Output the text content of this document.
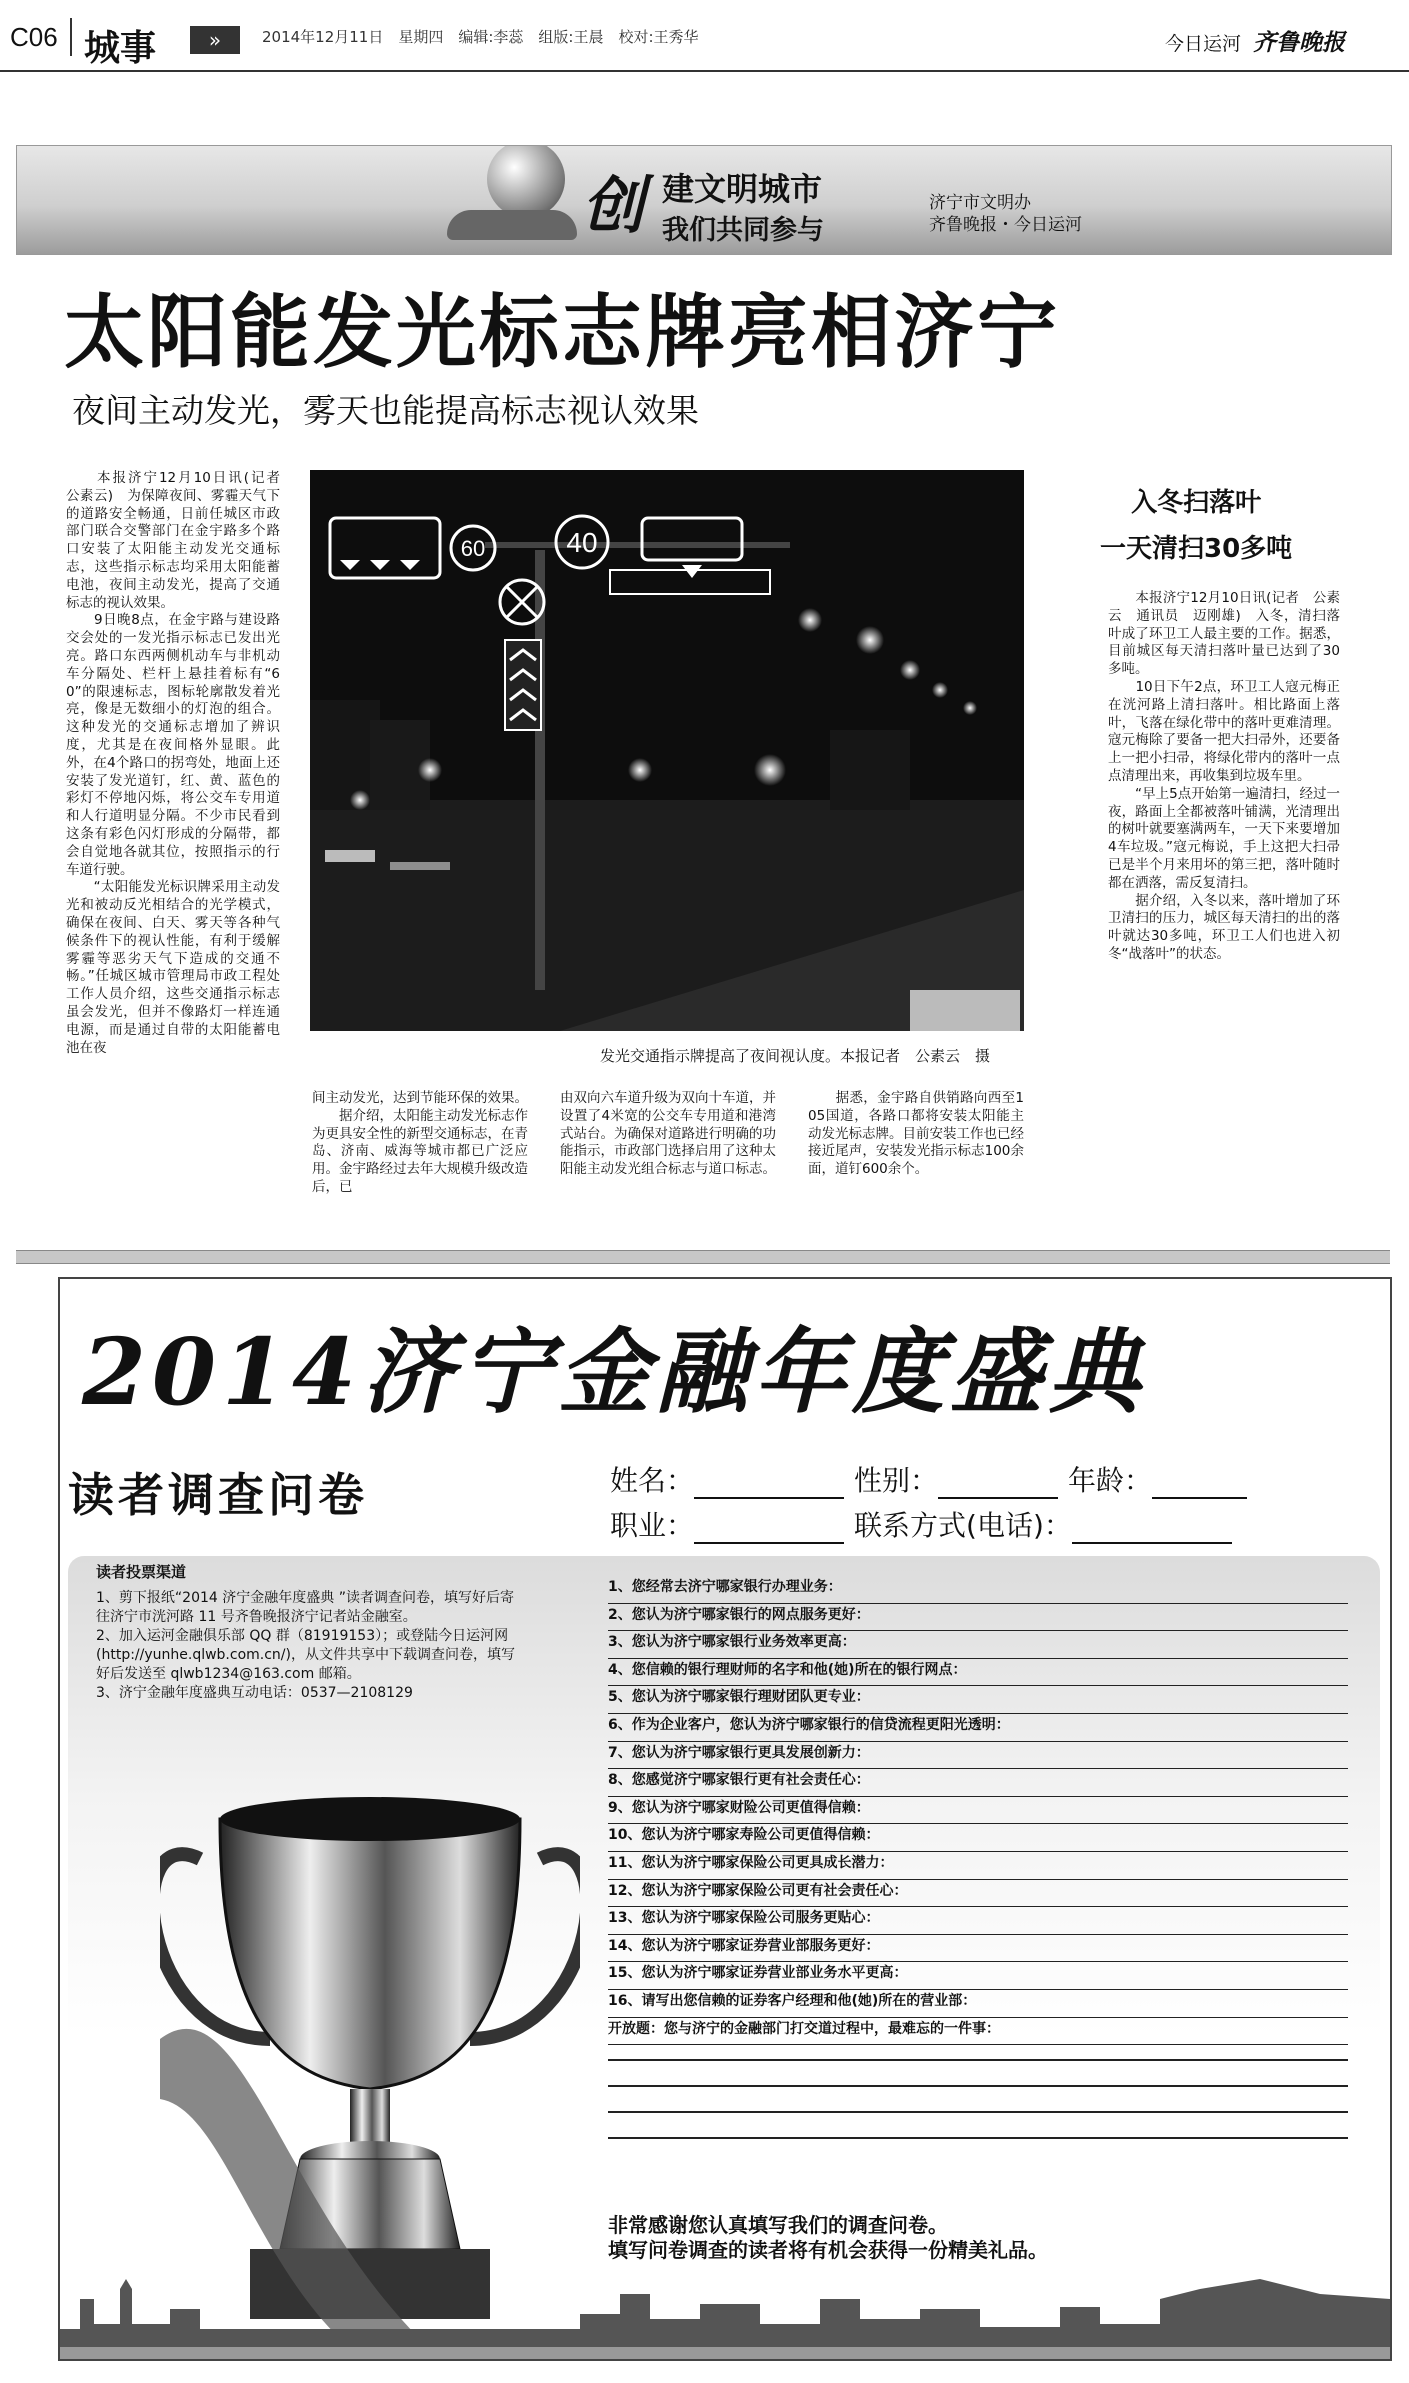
C06 城事	»	2014年12月11日　星期四　编辑:李蕊　组版:王晨　校对:王秀华	今日运河 齐鲁晚报
创 建文明城市
我们共同参与
济宁市文明办
齐鲁晚报・今日运河
太阳能发光标志牌亮相济宁
夜间主动发光，雾天也能提高标志视认效果

　　本报济宁12月10日讯(记者　公素云)　为保障夜间、雾霾天气下的道路安全畅通，日前任城区市政部门联合交警部门在金宇路多个路口安装了太阳能主动发光交通标志，这些指示标志均采用太阳能蓄电池，夜间主动发光，提高了交通标志的视认效果。
　　9日晚8点，在金宇路与建设路交会处的一发光指示标志已发出光亮。路口东西两侧机动车与非机动车分隔处、栏杆上悬挂着标有“60”的限速标志，图标轮廓散发着光亮，像是无数细小的灯泡的组合。这种发光的交通标志增加了辨识度，尤其是在夜间格外显眼。此外，在4个路口的拐弯处，地面上还安装了发光道钉，红、黄、蓝色的彩灯不停地闪烁，将公交车专用道和人行道明显分隔。不少市民看到这条有彩色闪灯形成的分隔带，都会自觉地各就其位，按照指示的行车道行驶。
　　“太阳能发光标识牌采用主动发光和被动反光相结合的光学模式，确保在夜间、白天、雾天等各种气候条件下的视认性能，有利于缓解雾霾等恶劣天气下造成的交通不畅。”任城区城市管理局市政工程处工作人员介绍，这些交通指示标志虽会发光，但并不像路灯一样连通电源，而是通过自带的太阳能蓄电池在夜

60	40
发光交通指示牌提高了夜间视认度。本报记者　公素云　摄

间主动发光，达到节能环保的效果。
　　据介绍，太阳能主动发光标志作为更具安全性的新型交通标志，在青岛、济南、威海等城市都已广泛应用。金宇路经过去年大规模升级改造后，已

由双向六车道升级为双向十车道，并设置了4米宽的公交车专用道和港湾式站台。为确保对道路进行明确的功能指示，市政部门选择启用了这种太阳能主动发光组合标志与道口标志。

　　据悉，金宇路自供销路向西至105国道，各路口都将安装太阳能主动发光标志牌。目前安装工作也已经接近尾声，安装发光指示标志100余面，道钉600余个。

入冬扫落叶
一天清扫30多吨

　　本报济宁12月10日讯(记者　公素云　通讯员　迈刚雄)　入冬，清扫落叶成了环卫工人最主要的工作。据悉，目前城区每天清扫落叶量已达到了30多吨。
　　10日下午2点，环卫工人寇元梅正在洸河路上清扫落叶。相比路面上落叶，飞落在绿化带中的落叶更难清理。寇元梅除了要备一把大扫帚外，还要备上一把小扫帚，将绿化带内的落叶一点点清理出来，再收集到垃圾车里。
　　“早上5点开始第一遍清扫，经过一夜，路面上全都被落叶铺满，光清理出的树叶就要塞满两车，一天下来要增加4车垃圾。”寇元梅说，手上这把大扫帚已是半个月来用坏的第三把，落叶随时都在洒落，需反复清扫。
　　据介绍，入冬以来，落叶增加了环卫清扫的压力，城区每天清扫的出的落叶就达30多吨，环卫工人们也进入初冬“战落叶”的状态。

2014济宁金融年度盛典
读者调查问卷	姓名：	性别：	年龄：
职业：	联系方式(电话)：
读者投票渠道

1、剪下报纸“2014 济宁金融年度盛典 ”读者调查问卷，填写好后寄往济宁市洸河路 11 号齐鲁晚报济宁记者站金融室。

2、加入运河金融俱乐部 QQ 群（81919153）；或登陆今日运河网(http://yunhe.qlwb.com.cn/)，从文件共享中下载调查问卷，填写好后发送至 qlwb1234@163.com 邮箱。

3、济宁金融年度盛典互动电话：0537—2108129

1、您经常去济宁哪家银行办理业务：
2、您认为济宁哪家银行的网点服务更好：
3、您认为济宁哪家银行业务效率更高：
4、您信赖的银行理财师的名字和他(她)所在的银行网点：
5、您认为济宁哪家银行理财团队更专业：
6、作为企业客户，您认为济宁哪家银行的信贷流程更阳光透明：
7、您认为济宁哪家银行更具发展创新力：
8、您感觉济宁哪家银行更有社会责任心：
9、您认为济宁哪家财险公司更值得信赖：
10、您认为济宁哪家寿险公司更值得信赖：
11、您认为济宁哪家保险公司更具成长潜力：
12、您认为济宁哪家保险公司更有社会责任心：
13、您认为济宁哪家保险公司服务更贴心：
14、您认为济宁哪家证券营业部服务更好：
15、您认为济宁哪家证券营业部业务水平更高：
16、请写出您信赖的证券客户经理和他(她)所在的营业部：
开放题：您与济宁的金融部门打交道过程中，最难忘的一件事：
非常感谢您认真填写我们的调查问卷。
填写问卷调查的读者将有机会获得一份精美礼品。
